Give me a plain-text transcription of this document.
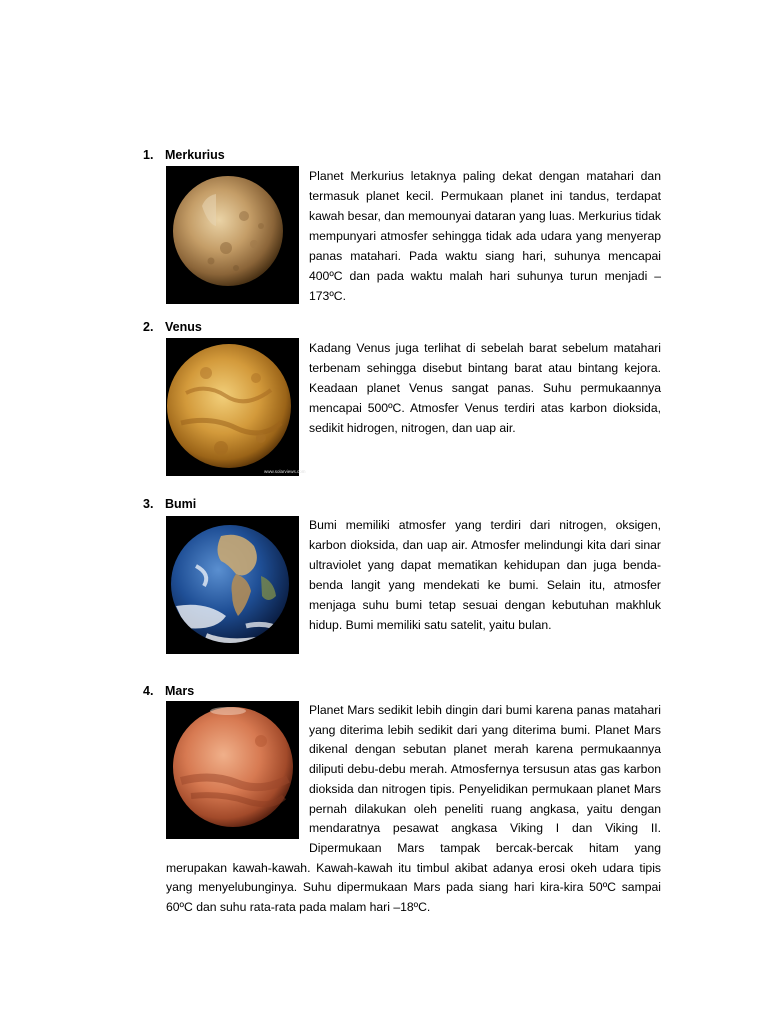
1. Merkurius
Planet Merkurius letaknya paling dekat dengan matahari dan termasuk planet kecil. Permukaan planet ini tandus, terdapat kawah besar, dan memounyai dataran yang luas. Merkurius tidak mempunyari atmosfer sehingga tidak ada udara yang menyerap panas matahari. Pada waktu siang hari, suhunya mencapai 400ºC dan pada waktu malah hari suhunya turun menjadi –173ºC.
2. Venus
www.solarviews.com
Kadang Venus juga terlihat di sebelah barat sebelum matahari terbenam sehingga disebut bintang barat atau bintang kejora. Keadaan planet Venus sangat panas. Suhu permukaannya mencapai 500ºC. Atmosfer Venus terdiri atas karbon dioksida, sedikit hidrogen, nitrogen, dan uap air.
3. Bumi
Bumi memiliki atmosfer yang terdiri dari nitrogen, oksigen, karbon dioksida, dan uap air. Atmosfer melindungi kita dari sinar ultraviolet yang dapat mematikan kehidupan dan juga benda-benda langit yang mendekati ke bumi. Selain itu, atmosfer menjaga suhu bumi tetap sesuai dengan kebutuhan makhluk hidup. Bumi memiliki satu satelit, yaitu bulan.
4. Mars

Planet Mars sedikit lebih dingin dari bumi karena panas matahari yang diterima lebih sedikit dari yang diterima bumi. Planet Mars dikenal dengan sebutan planet merah karena permukaannya diliputi debu-debu merah. Atmosfernya tersusun atas gas karbon dioksida dan nitrogen tipis. Penyelidikan permukaan planet Mars pernah dilakukan oleh peneliti ruang angkasa, yaitu dengan mendaratnya pesawat angkasa Viking I dan Viking II. Dipermukaan Mars tampak bercak-bercak hitam yang merupakan kawah-kawah. Kawah-kawah itu timbul akibat adanya erosi okeh udara tipis yang menyelubunginya. Suhu dipermukaan Mars pada siang hari kira-kira 50ºC sampai 60ºC dan suhu rata-rata pada malam hari –18ºC.
